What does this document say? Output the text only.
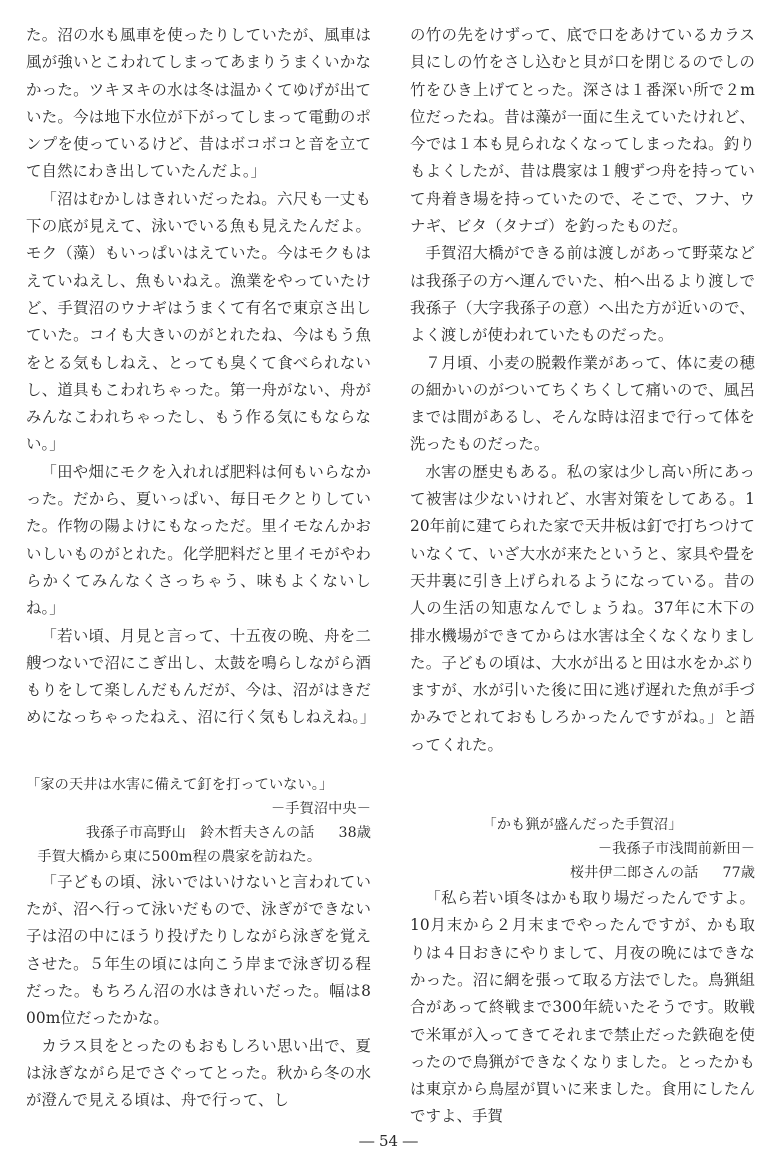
た。沼の水も風車を使ったりしていたが、風車は風が強いとこわれてしまってあまりうまくいかなかった。ツキヌキの水は冬は温かくてゆげが出ていた。今は地下水位が下がってしまって電動のポンプを使っているけど、昔はボコボコと音を立てて自然にわき出していたんだよ。」

「沼はむかしはきれいだったね。六尺も一丈も下の底が見えて、泳いでいる魚も見えたんだよ。モク（藻）もいっぱいはえていた。今はモクもはえていねえし、魚もいねえ。漁業をやっていたけど、手賀沼のウナギはうまくて有名で東京さ出していた。コイも大きいのがとれたね、今はもう魚をとる気もしねえ、とっても臭くて食べられないし、道具もこわれちゃった。第一舟がない、舟がみんなこわれちゃったし、もう作る気にもならない。」

「田や畑にモクを入れれば肥料は何もいらなかった。だから、夏いっぱい、毎日モクとりしていた。作物の陽よけにもなっただ。里イモなんかおいしいものがとれた。化学肥料だと里イモがやわらかくてみんなくさっちゃう、味もよくないしね。」

「若い頃、月見と言って、十五夜の晩、舟を二艘つないで沼にこぎ出し、太鼓を鳴らしながら酒もりをして楽しんだもんだが、今は、沼がはきだめになっちゃったねえ、沼に行く気もしねえね。」

「家の天井は水害に備えて釘を打っていない。」
－手賀沼中央－
我孫子市高野山　鈴木哲夫さんの話 38歳
手賀大橋から東に500m程の農家を訪ねた。

「子どもの頃、泳いではいけないと言われていたが、沼へ行って泳いだもので、泳ぎができない子は沼の中にほうり投げたりしながら泳ぎを覚えさせた。５年生の頃には向こう岸まで泳ぎ切る程だった。もちろん沼の水はきれいだった。幅は800m位だったかな。

カラス貝をとったのもおもしろい思い出で、夏は泳ぎながら足でさぐってとった。秋から冬の水が澄んで見える頃は、舟で行って、し

の竹の先をけずって、底で口をあけているカラス貝にしの竹をさし込むと貝が口を閉じるのでしの竹をひき上げてとった。深さは１番深い所で２m位だったね。昔は藻が一面に生えていたけれど、今では１本も見られなくなってしまったね。釣りもよくしたが、昔は農家は１艘ずつ舟を持っていて舟着き場を持っていたので、そこで、フナ、ウナギ、ビタ（タナゴ）を釣ったものだ。

手賀沼大橋ができる前は渡しがあって野菜などは我孫子の方へ運んでいた、柏へ出るより渡しで我孫子（大字我孫子の意）へ出た方が近いので、よく渡しが使われていたものだった。

７月頃、小麦の脱穀作業があって、体に麦の穂の細かいのがついてちくちくして痛いので、風呂までは間があるし、そんな時は沼まで行って体を洗ったものだった。

水害の歴史もある。私の家は少し高い所にあって被害は少ないけれど、水害対策をしてある。120年前に建てられた家で天井板は釘で打ちつけていなくて、いざ大水が来たというと、家具や畳を天井裏に引き上げられるようになっている。昔の人の生活の知恵なんでしょうね。37年に木下の排水機場ができてからは水害は全くなくなりました。子どもの頃は、大水が出ると田は水をかぶりますが、水が引いた後に田に逃げ遅れた魚が手づかみでとれておもしろかったんですがね。」と語ってくれた。

「かも猟が盛んだった手賀沼」
－我孫子市浅間前新田－
桜井伊二郎さんの話 77歳

「私ら若い頃冬はかも取り場だったんですよ。10月末から２月末までやったんですが、かも取りは４日おきにやりまして、月夜の晩にはできなかった。沼に網を張って取る方法でした。鳥猟組合があって終戦まで300年続いたそうです。敗戦で米軍が入ってきてそれまで禁止だった鉄砲を使ったので鳥猟ができなくなりました。とったかもは東京から鳥屋が買いに来ました。食用にしたんですよ、手賀

― 54 ―
